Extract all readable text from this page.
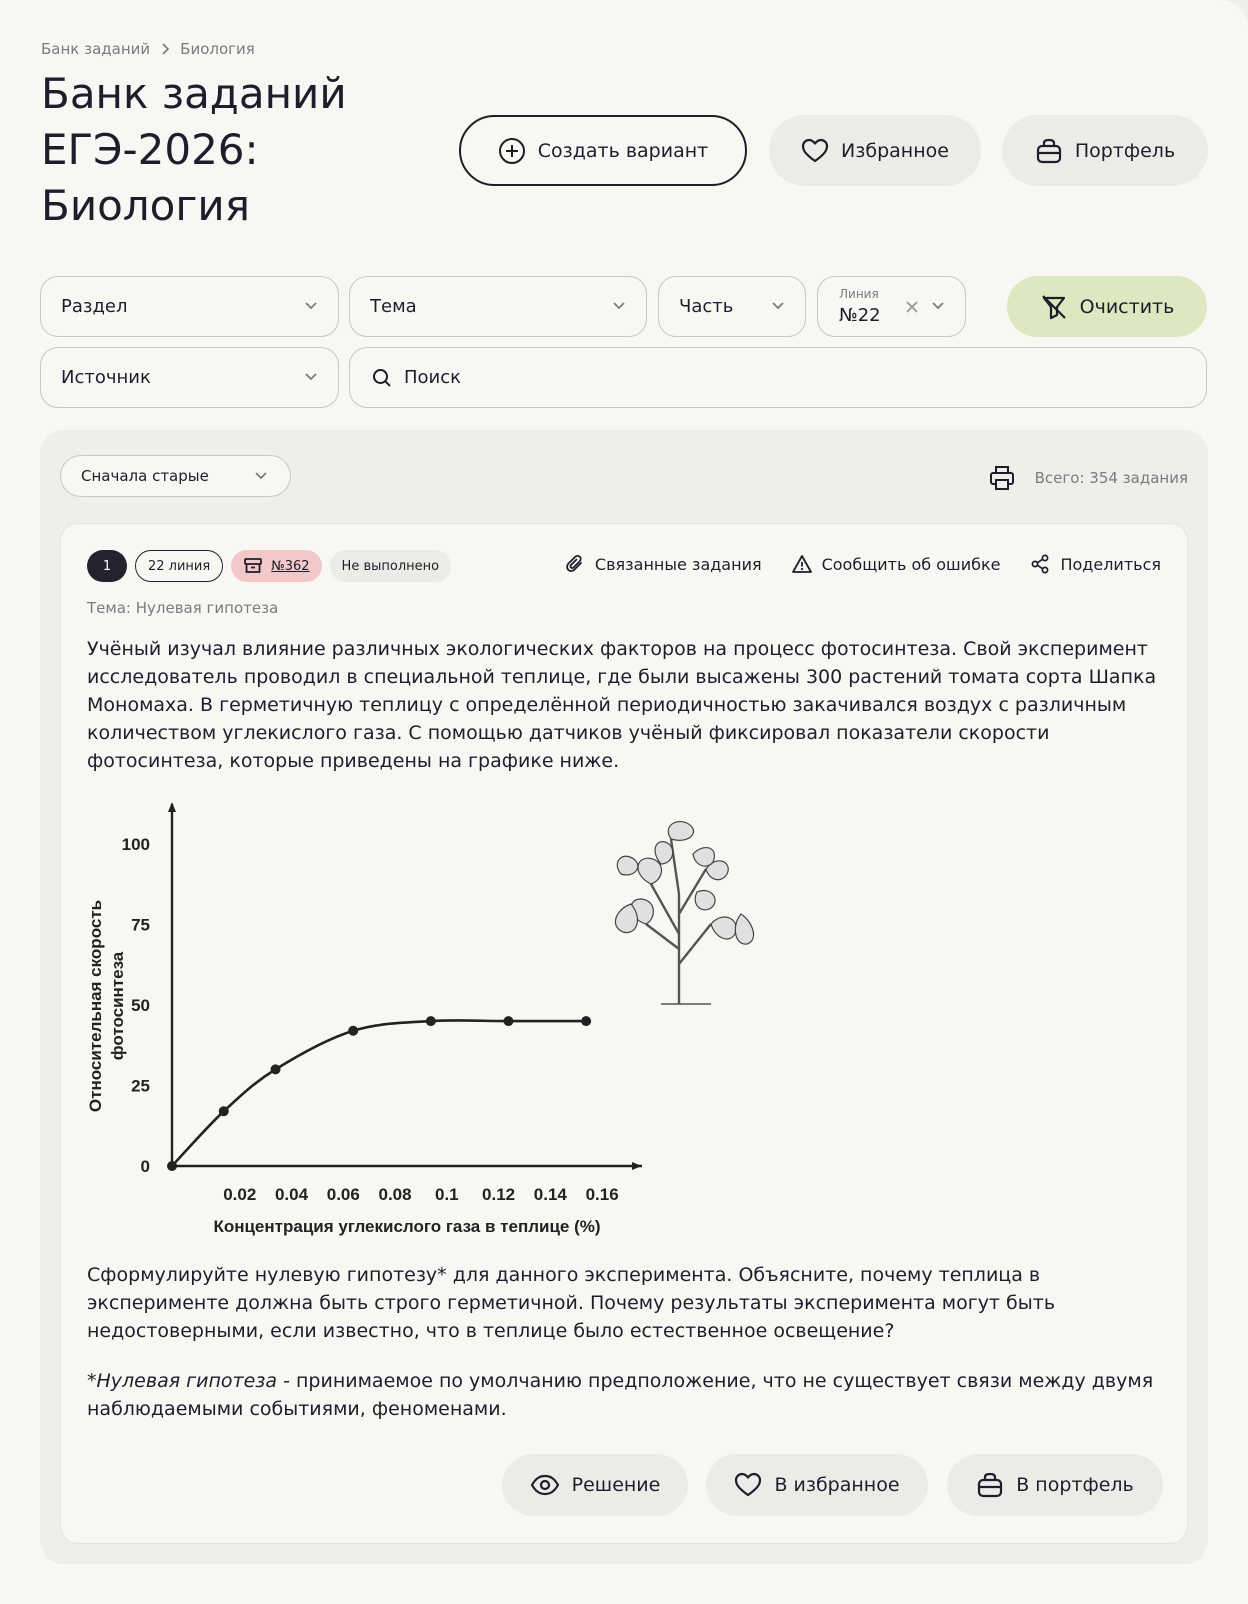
Банк заданий Биология
Банк заданий ЕГЭ-2026: Биология
Создать вариант	Избранное	Портфель
Раздел	Тема	Часть
Линия
№22	Очистить
Источник	Поиск
Сначала старые	Всего: 354 задания
1	22 линия	№362	Не выполнено	Связанные задания	Сообщить об ошибке	Поделиться
Тема: Нулевая гипотеза

Учёный изучал влияние различных экологических факторов на процесс фотосинтеза. Свой эксперимент исследователь проводил в специальной теплице, где были высажены 300 растений томата сорта Шапка Мономаха. В герметичную теплицу с определённой периодичностью закачивался воздух с различным количеством углекислого газа. С помощью датчиков учёный фиксировал показатели скорости фотосинтеза, которые приведены на графике ниже.

0
25
50
75
100
0.02 0.04 0.06 0.08 0.1 0.12 0.14 0.16
Концентрация углекислого газа в теплице (%)
Относительная скорость фотосинтеза

Сформулируйте нулевую гипотезу* для данного эксперимента. Объясните, почему теплица в эксперименте должна быть строго герметичной. Почему результаты эксперимента могут быть недостоверными, если известно, что в теплице было естественное освещение?

*Нулевая гипотеза - принимаемое по умолчанию предположение, что не существует связи между двумя наблюдаемыми событиями, феноменами.

Решение	В избранное	В портфель
